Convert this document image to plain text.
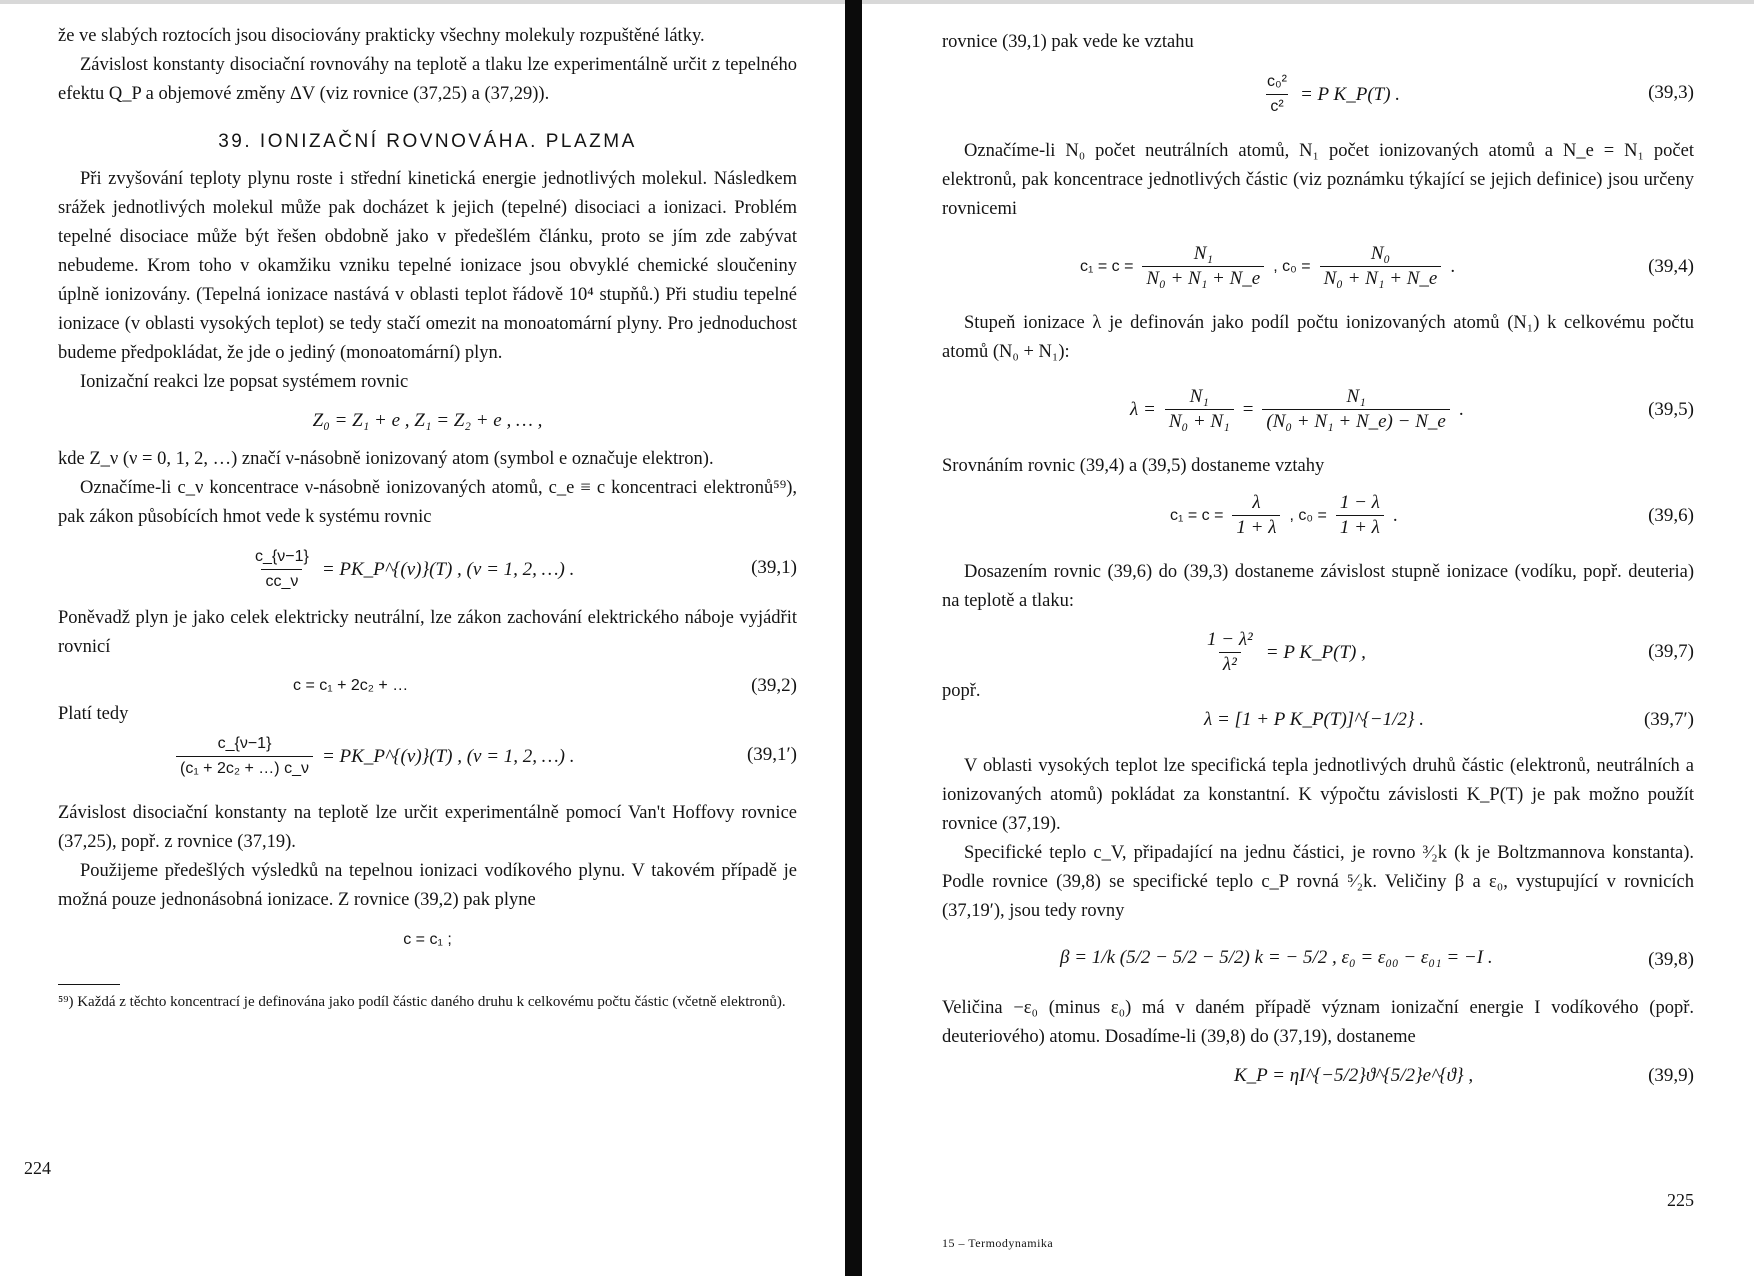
že ve slabých roztocích jsou disociovány prakticky všechny molekuly rozpuštěné látky.

Závislost konstanty disociační rovnováhy na teplotě a tlaku lze experimentálně určit z tepelného efektu Q_P a objemové změny ΔV (viz rovnice (37,25) a (37,29)).

39. IONIZAČNÍ ROVNOVÁHA. PLAZMA

Při zvyšování teploty plynu roste i střední kinetická energie jednotlivých molekul. Následkem srážek jednotlivých molekul může pak docházet k jejich (tepelné) disociaci a ionizaci. Problém tepelné disociace může být řešen obdobně jako v předešlém článku, proto se jím zde zabývat nebudeme. Krom toho v okamžiku vzniku tepelné ionizace jsou obvyklé chemické sloučeniny úplně ionizovány. (Tepelná ionizace nastává v oblasti teplot řádově 10⁴ stupňů.) Při studiu tepelné ionizace (v oblasti vysokých teplot) se tedy stačí omezit na monoatomární plyny. Pro jednoduchost budeme předpokládat, že jde o jediný (monoatomární) plyn.

Ionizační reakci lze popsat systémem rovnic

Z₀ = Z₁ + e , Z₁ = Z₂ + e , … ,

kde Z_ν (ν = 0, 1, 2, …) značí ν-násobně ionizovaný atom (symbol e označuje elektron).

Označíme-li c_ν koncentrace ν-násobně ionizovaných atomů, c_e ≡ c koncentraci elektronů⁵⁹), pak zákon působících hmot vede k systému rovnic

$\frac{c\_\{\nu-1\}}{cc\_\nu}$ = PK_P^{(ν)}(T) , (ν = 1, 2, …) .	(39,1)

Poněvadž plyn je jako celek elektricky neutrální, lze zákon zachování elektrického náboje vyjádřit rovnicí

c = c₁ + 2c₂ + …	(39,2)

Platí tedy

$\frac{c\_\{\nu-1\}}{\text{(c₁ + 2c₂ + …) c\_ν}}$ = PK_P^{(ν)}(T) , (ν = 1, 2, …) .	(39,1′)

Závislost disociační konstanty na teplotě lze určit experimentálně pomocí Van't Hoffovy rovnice (37,25), popř. z rovnice (37,19).

Použijeme předešlých výsledků na tepelnou ionizaci vodíkového plynu. V takovém případě je možná pouze jednonásobná ionizace. Z rovnice (39,2) pak plyne

c = c₁ ;

⁵⁹) Každá z těchto koncentrací je definována jako podíl částic daného druhu k celkovému počtu částic (včetně elektronů).

224

rovnice (39,1) pak vede ke vztahu

$\frac{\text{c₀²}}{\text{c²}} = P$ K_P(T) .	(39,3)

Označíme-li N₀ počet neutrálních atomů, N₁ počet ionizovaných atomů a N_e = N₁ počet elektronů, pak koncentrace jednotlivých částic (viz poznámku týkající se jejich definice) jsou určeny rovnicemi

$c_1 = c = \frac{\text{N₁}}{\text{N₀ + N₁ + N\_e}}$ , $c_0 = \frac{\text{N₀}}{\text{N₀ + N₁ + N\_e}}$ .	(39,4)

Stupeň ionizace λ je definován jako podíl počtu ionizovaných atomů (N₁) k celkovému počtu atomů (N₀ + N₁):

$\lambda = \frac{\text{N₁}}{\text{N₀ + N₁}} = \frac{\text{N₁}}{\text{(N₀ + N₁ + N\_e) − N\_e}}$ .	(39,5)

Srovnáním rovnic (39,4) a (39,5) dostaneme vztahy

$c_1 = c = \frac{\lambda}{1 + \lambda}$ , $c_0 = \frac{1 - \lambda}{1 + \lambda}$ .	(39,6)

Dosazením rovnic (39,6) do (39,3) dostaneme závislost stupně ionizace (vodíku, popř. deuteria) na teplotě a tlaku:

$\frac{\text{1 − λ²}}{\text{λ²}} = P$ K_P(T) ,	(39,7)

popř.

λ = [1 + P K_P(T)]^{−1/2} .	(39,7′)

V oblasti vysokých teplot lze specifická tepla jednotlivých druhů částic (elektronů, neutrálních a ionizovaných atomů) pokládat za konstantní. K výpočtu závislosti K_P(T) je pak možno použít rovnice (37,19).

Specifické teplo c_V, připadající na jednu částici, je rovno ³⁄₂k (k je Boltzmannova konstanta). Podle rovnice (39,8) se specifické teplo c_P rovná ⁵⁄₂k. Veličiny β a ε₀, vystupující v rovnicích (37,19′), jsou tedy rovny

β = 1/k (5/2 − 5/2 − 5/2) k = − 5/2 , ε₀ = ε₀₀ − ε₀₁ = −I .	(39,8)

Veličina −ε₀ (minus ε₀) má v daném případě význam ionizační energie I vodíkového (popř. deuteriového) atomu. Dosadíme-li (39,8) do (37,19), dostaneme

K_P = ηI^{−5/2}ϑ^{5/2}e^{ϑ} ,	(39,9)
225
15 – Termodynamika
